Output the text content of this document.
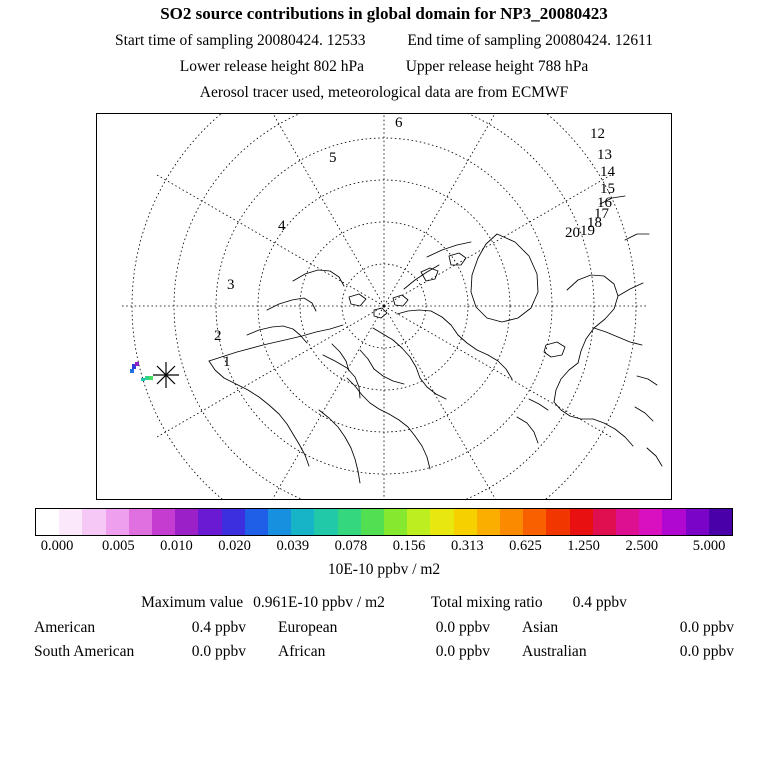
SO2 source contributions in global domain for NP3_20080423
Start time of sampling 20080424. 12533	End time of sampling 20080424. 12611
Lower release height 802 hPa	Upper release height 788 hPa
Aerosol tracer used, meteorological data are from ECMWF
6
5
4
3
2
1
12
13
14
15
16
17
18
19
20
0.000 0.005 0.010 0.020 0.039 0.078 0.156 0.313 0.625 1.250 2.500 5.000
10E-10 ppbv / m2
Maximum value 0.961E-10 ppbv / m2	Total mixing ratio 0.4 ppbv
American	0.4 ppbv European	0.0 ppbv Asian	0.0 ppbv
South American	0.0 ppbv African	0.0 ppbv Australian	0.0 ppbv
